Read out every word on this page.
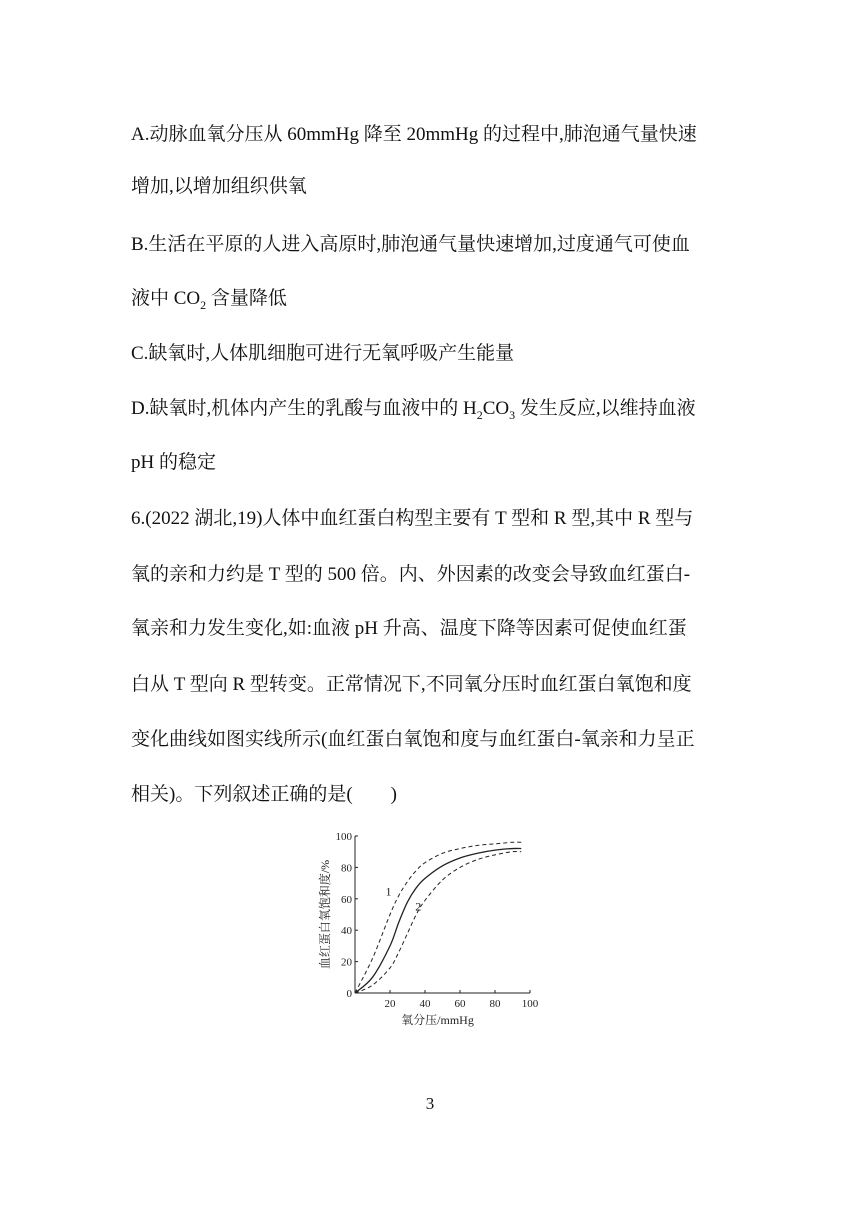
A.动脉血氧分压从 60mmHg 降至 20mmHg 的过程中,肺泡通气量快速
增加,以增加组织供氧
B.生活在平原的人进入高原时,肺泡通气量快速增加,过度通气可使血
液中 $CO_2$ 含量降低
C.缺氧时,人体肌细胞可进行无氧呼吸产生能量
D.缺氧时,机体内产生的乳酸与血液中的 $H_2CO_3$ 发生反应,以维持血液
pH 的稳定
6.(2022 湖北,19)人体中血红蛋白构型主要有 T 型和 R 型,其中 R 型与
氧的亲和力约是 T 型的 500 倍。内、外因素的改变会导致血红蛋白-
氧亲和力发生变化,如:血液 pH 升高、温度下降等因素可促使血红蛋
白从 T 型向 R 型转变。正常情况下,不同氧分压时血红蛋白氧饱和度
变化曲线如图实线所示(血红蛋白氧饱和度与血红蛋白-氧亲和力呈正
相关)。下列叙述正确的是(　　)
0
20
40
60
80
100
20 40 60 80 100
氧分压/mmHg
血红蛋白氧饱和度/%	1
2
3
